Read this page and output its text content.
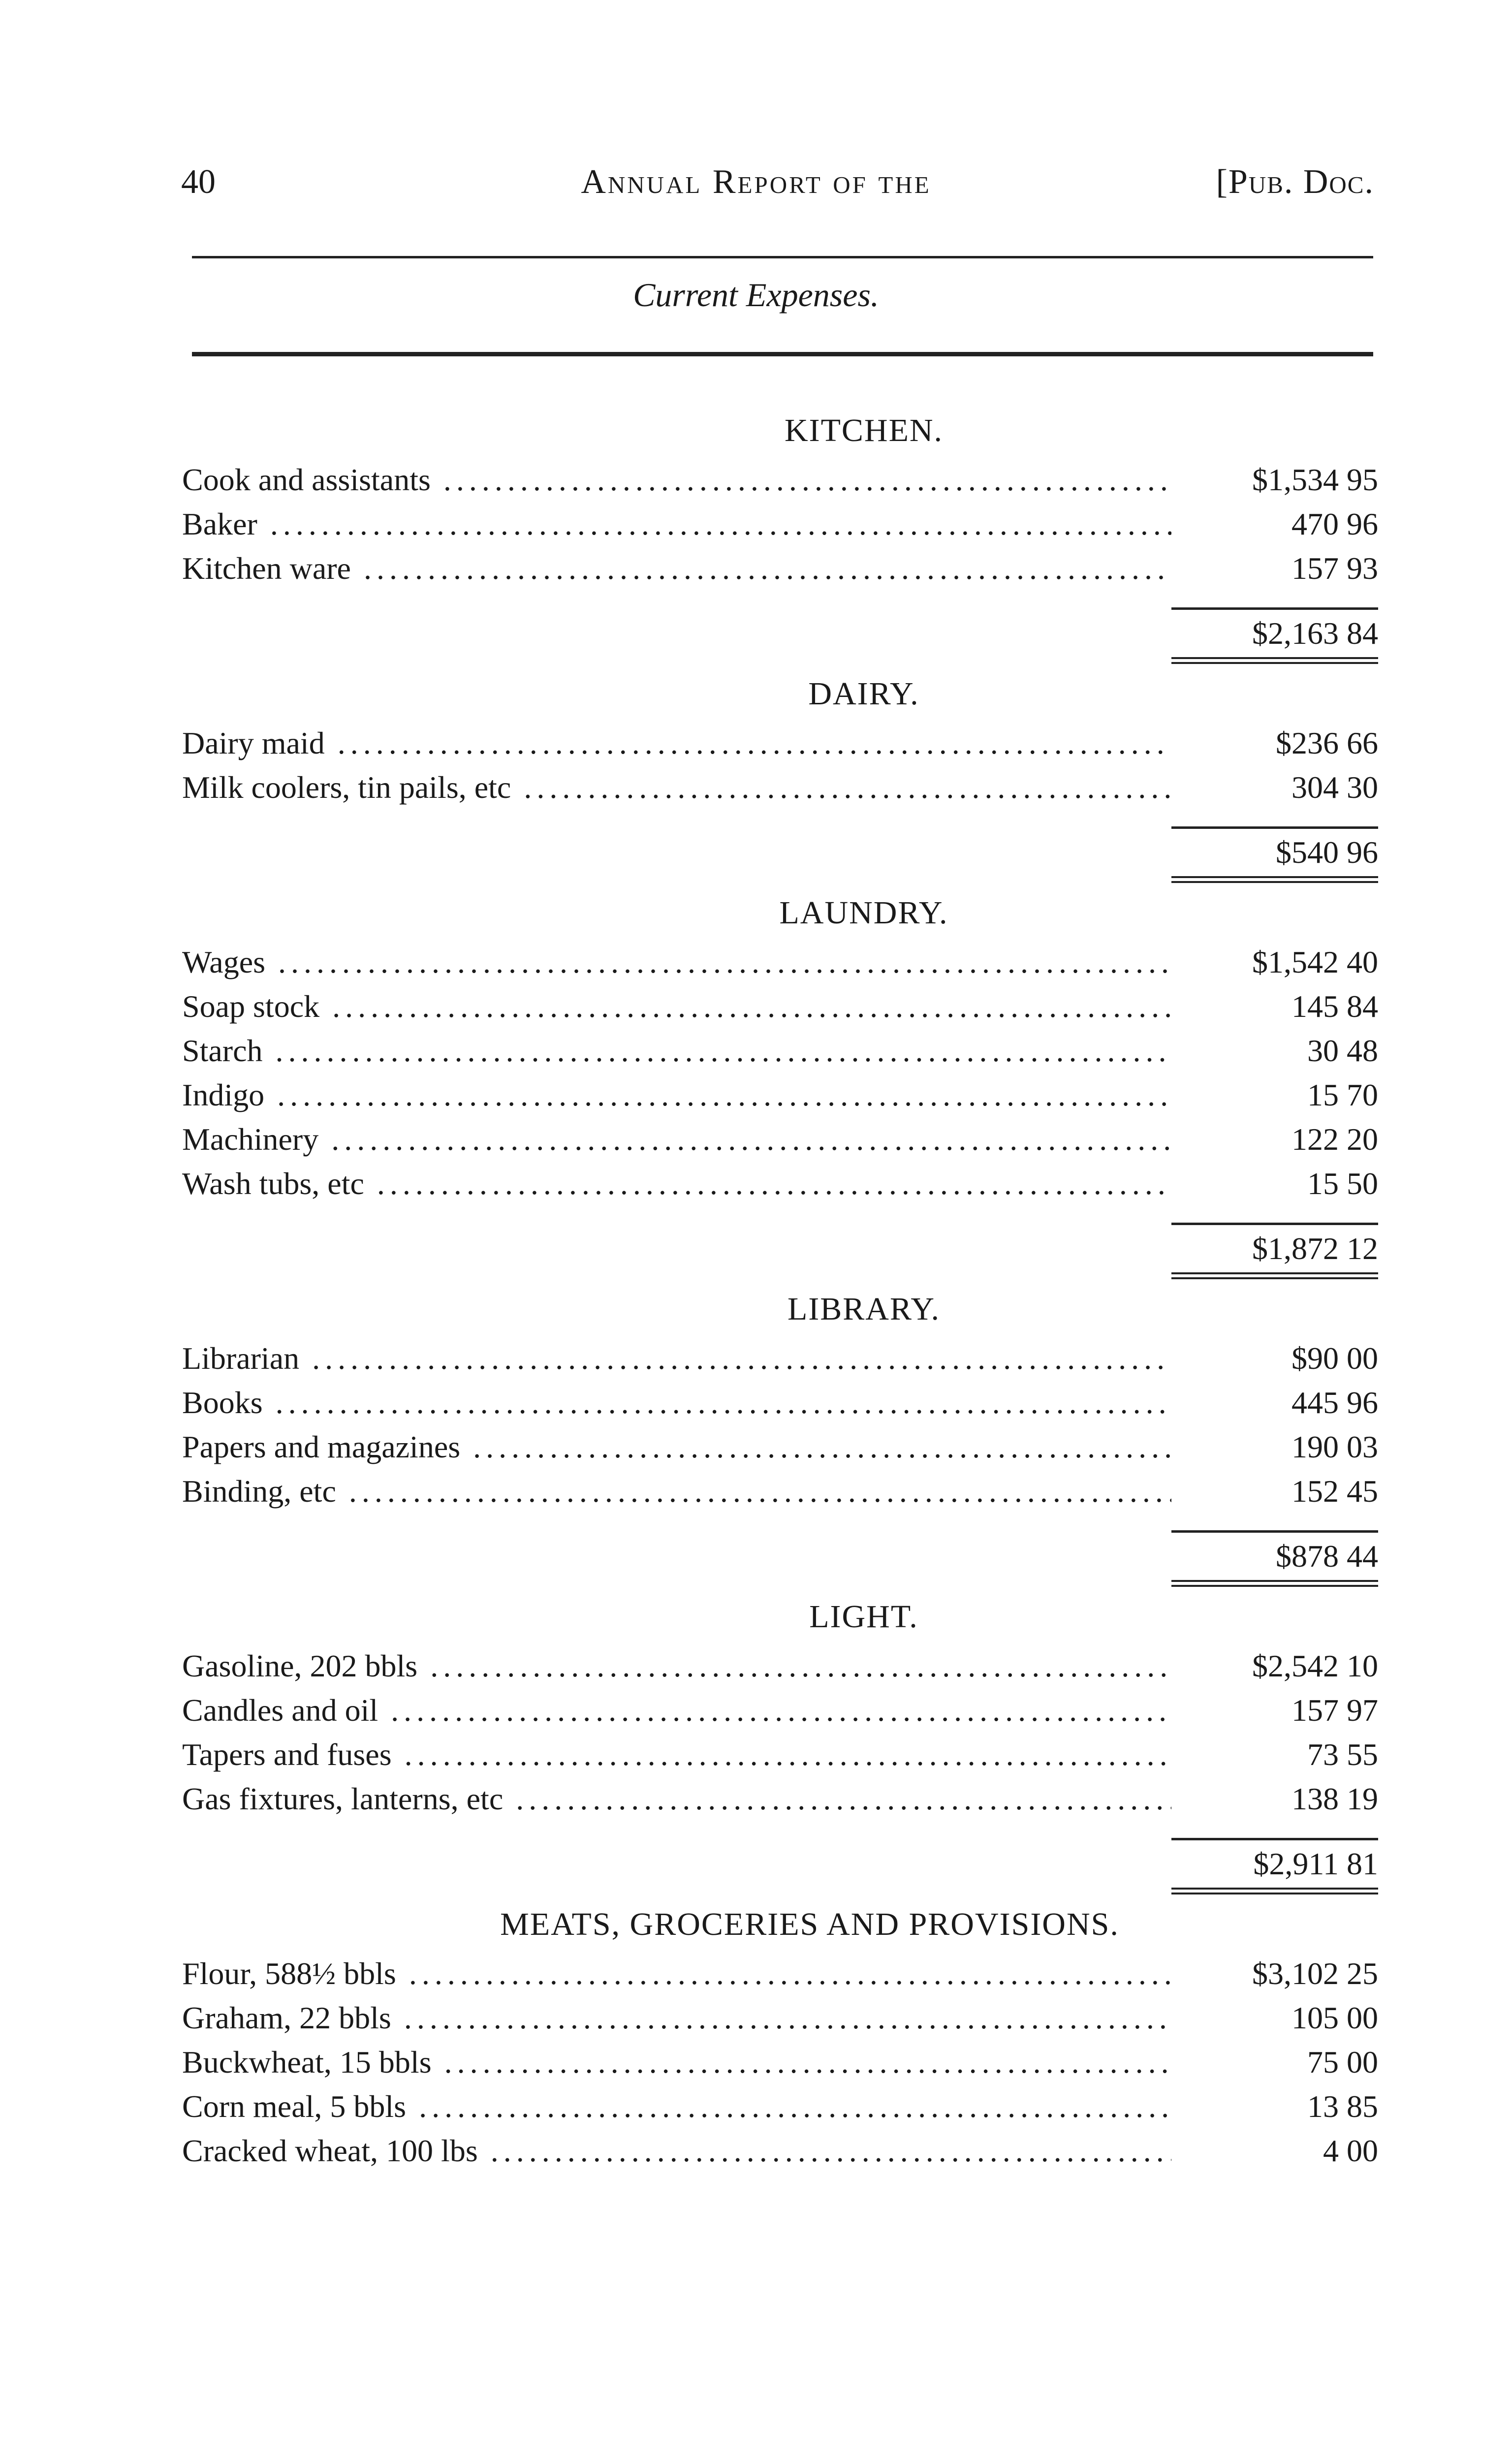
40	Annual Report of the	[Pub. Doc.
Current Expenses.
KITCHEN.
Cook and assistants .....	$1,534 95
Baker .....	470 96
Kitchen ware .....	157 93
$2,163 84
DAIRY.
Dairy maid .....	$236 66
Milk coolers, tin pails, etc .....	304 30
$540 96
LAUNDRY.
Wages .....	$1,542 40
Soap stock .....	145 84
Starch .....	30 48
Indigo .....	15 70
Machinery .....	122 20
Wash tubs, etc .....	15 50
$1,872 12
LIBRARY.
Librarian .....	$90 00
Books .....	445 96
Papers and magazines .....	190 03
Binding, etc .....	152 45
$878 44
LIGHT.
Gasoline, 202 bbls .....	$2,542 10
Candles and oil .....	157 97
Tapers and fuses .....	73 55
Gas fixtures, lanterns, etc .....	138 19
$2,911 81
MEATS, GROCERIES AND PROVISIONS.
Flour, 588½ bbls .....	$3,102 25
Graham, 22 bbls .....	105 00
Buckwheat, 15 bbls .....	75 00
Corn meal, 5 bbls .....	13 85
Cracked wheat, 100 lbs .....	4 00
